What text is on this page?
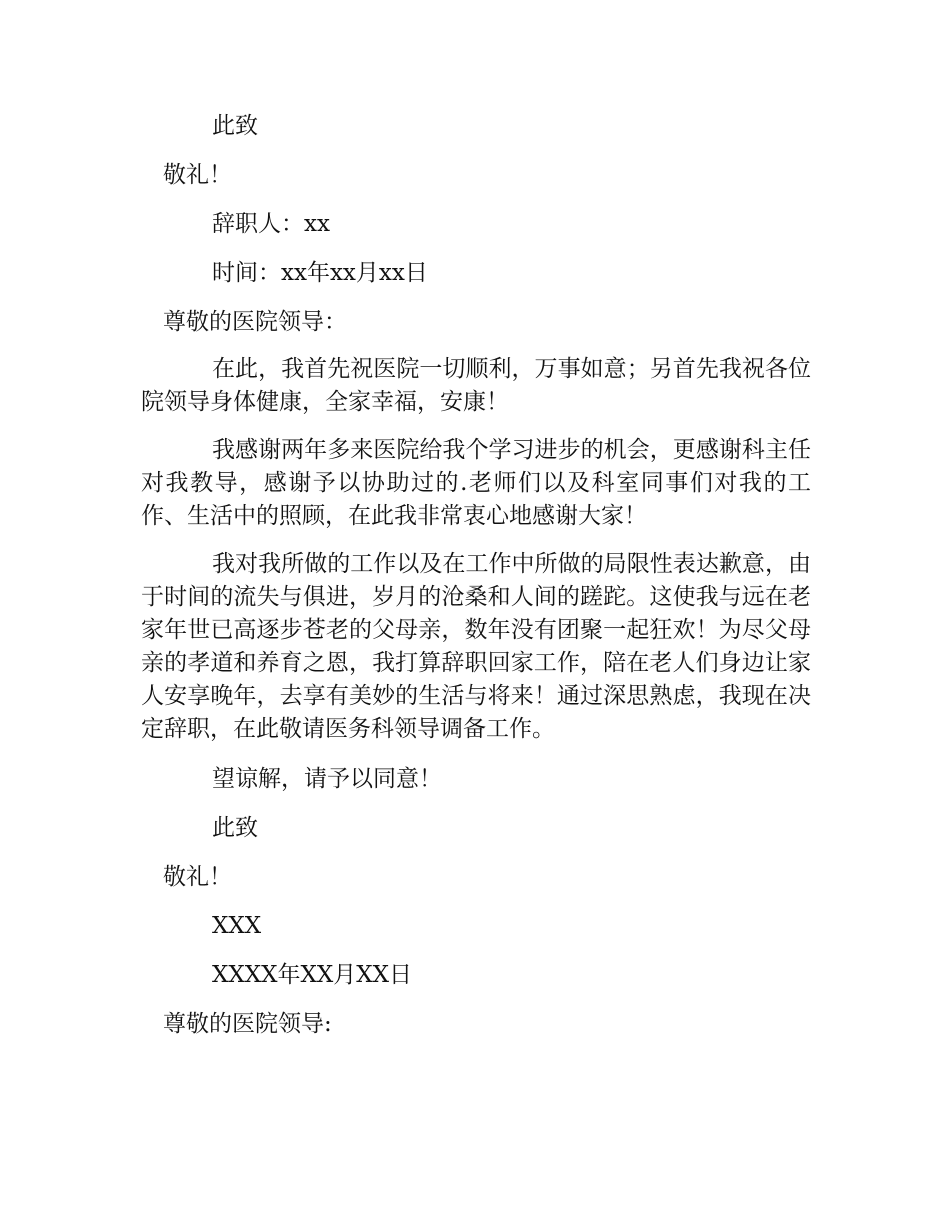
此致
敬礼！
辞职人：xx
时间：xx年xx月xx日
尊敬的医院领导：
在此，我首先祝医院一切顺利，万事如意；另首先我祝各位院领导身体健康，全家幸福，安康！
我感谢两年多来医院给我个学习进步的机会，更感谢科主任对我教导，感谢予以协助过的.老师们以及科室同事们对我的工作、生活中的照顾，在此我非常衷心地感谢大家！
我对我所做的工作以及在工作中所做的局限性表达歉意，由于时间的流失与俱进，岁月的沧桑和人间的蹉跎。这使我与远在老家年世已高逐步苍老的父母亲，数年没有团聚一起狂欢！为尽父母亲的孝道和养育之恩，我打算辞职回家工作，陪在老人们身边让家人安享晚年，去享有美妙的生活与将来！通过深思熟虑，我现在决定辞职，在此敬请医务科领导调备工作。
望谅解，请予以同意！
此致
敬礼！
XXX
XXXX年XX月XX日
尊敬的医院领导:
